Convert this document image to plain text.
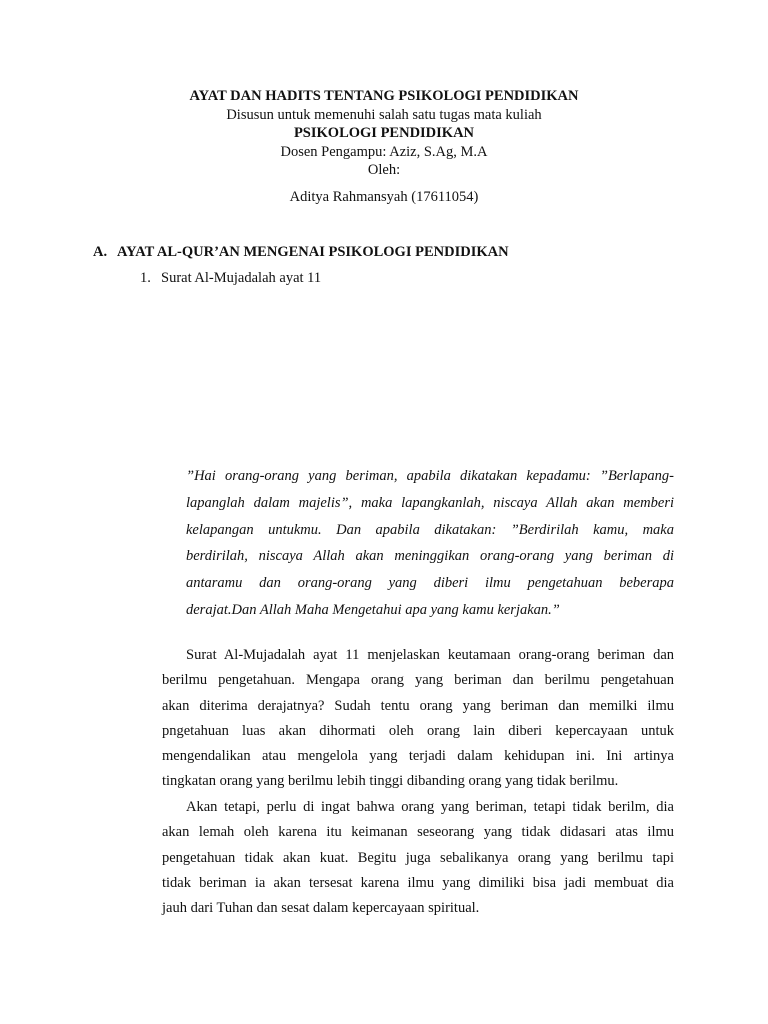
AYAT DAN HADITS TENTANG PSIKOLOGI PENDIDIKAN
Disusun untuk memenuhi salah satu tugas mata kuliah
PSIKOLOGI PENDIDIKAN
Dosen Pengampu: Aziz, S.Ag, M.A
Oleh:
Aditya Rahmansyah (17611054)
A. AYAT AL-QUR’AN MENGENAI PSIKOLOGI PENDIDIKAN
1. Surat Al-Mujadalah ayat 11
”Hai orang-orang yang beriman, apabila dikatakan kepadamu: ”Berlapang-
lapanglah dalam majelis”, maka lapangkanlah, niscaya Allah akan memberi
kelapangan untukmu. Dan apabila dikatakan: ”Berdirilah kamu, maka
berdirilah, niscaya Allah akan meninggikan orang-orang yang beriman di
antaramu dan orang-orang yang diberi ilmu pengetahuan beberapa
derajat.Dan Allah Maha Mengetahui apa yang kamu kerjakan.”
Surat Al-Mujadalah ayat 11 menjelaskan keutamaan orang-orang beriman dan
berilmu pengetahuan. Mengapa orang yang beriman dan berilmu pengetahuan
akan diterima derajatnya? Sudah tentu orang yang beriman dan memilki ilmu
pngetahuan luas akan dihormati oleh orang lain diberi kepercayaan untuk
mengendalikan atau mengelola yang terjadi dalam kehidupan ini. Ini artinya
tingkatan orang yang berilmu lebih tinggi dibanding orang yang tidak berilmu.
Akan tetapi, perlu di ingat bahwa orang yang beriman, tetapi tidak berilm, dia
akan lemah oleh karena itu keimanan seseorang yang tidak didasari atas ilmu
pengetahuan tidak akan kuat. Begitu juga sebalikanya orang yang berilmu tapi
tidak beriman ia akan tersesat karena ilmu yang dimiliki bisa jadi membuat dia
jauh dari Tuhan dan sesat dalam kepercayaan spiritual.
